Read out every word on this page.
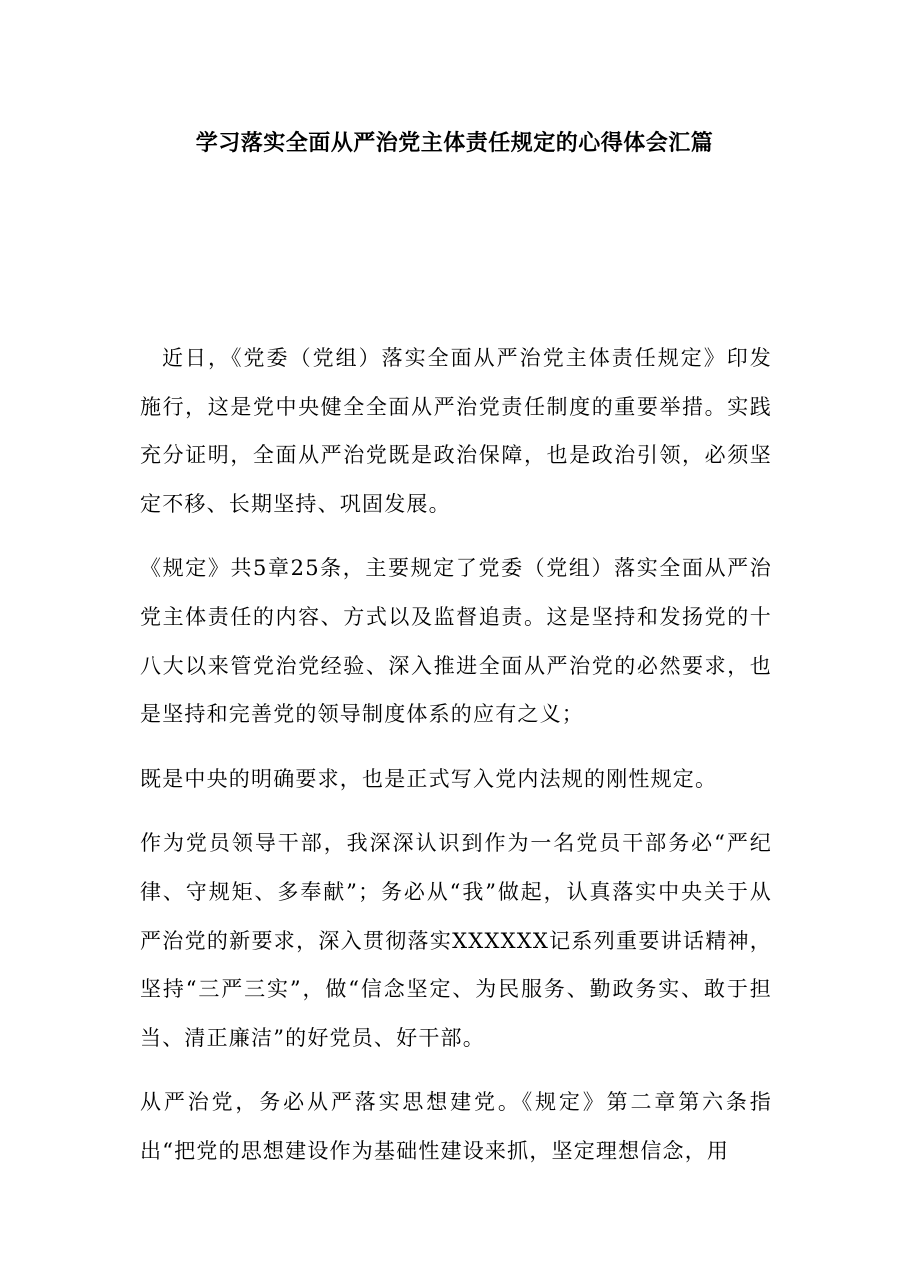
学习落实全面从严治党主体责任规定的心得体会汇篇

近日，《党委（党组）落实全面从严治党主体责任规定》印发施行，这是党中央健全全面从严治党责任制度的重要举措。实践充分证明，全面从严治党既是政治保障，也是政治引领，必须坚定不移、长期坚持、巩固发展。

《规定》共5章25条，主要规定了党委（党组）落实全面从严治党主体责任的内容、方式以及监督追责。这是坚持和发扬党的十八大以来管党治党经验、深入推进全面从严治党的必然要求，也是坚持和完善党的领导制度体系的应有之义；

既是中央的明确要求，也是正式写入党内法规的刚性规定。

作为党员领导干部，我深深认识到作为一名党员干部务必“严纪律、守规矩、多奉献”；务必从“我”做起，认真落实中央关于从严治党的新要求，深入贯彻落实XXXXXX记系列重要讲话精神，坚持“三严三实”，做“信念坚定、为民服务、勤政务实、敢于担当、清正廉洁”的好党员、好干部。

从严治党，务必从严落实思想建党。《规定》第二章第六条指出“把党的思想建设作为基础性建设来抓，坚定理想信念，用
